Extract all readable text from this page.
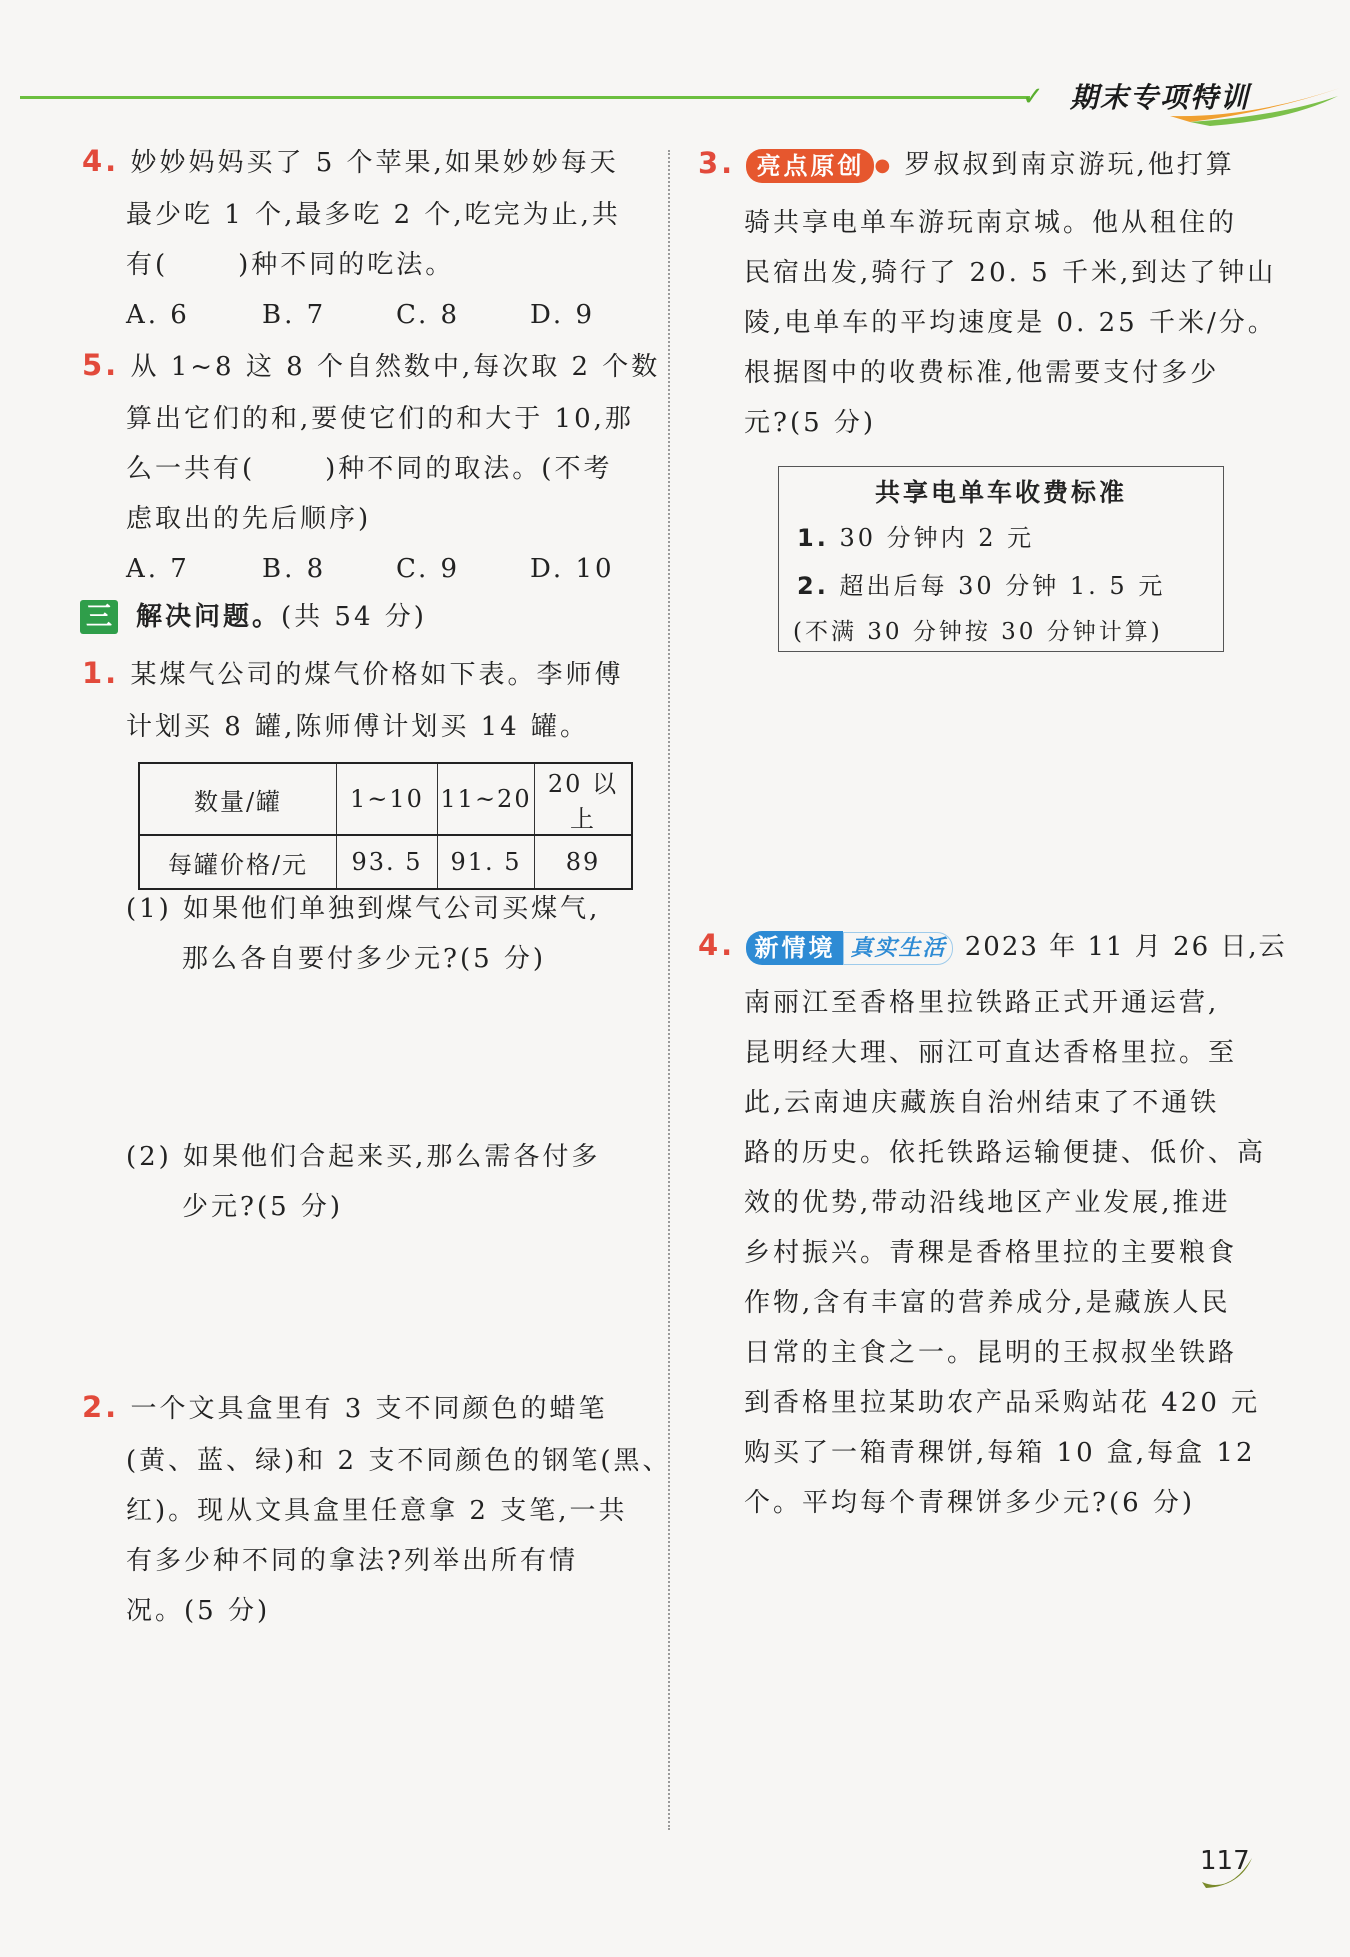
✓ 期末专项特训
4. 妙妙妈妈买了 5 个苹果,如果妙妙每天
最少吃 1 个,最多吃 2 个,吃完为止,共
有(	)种不同的吃法。
A. 6	B. 7	C. 8	D. 9
5. 从 1~8 这 8 个自然数中,每次取 2 个数
算出它们的和,要使它们的和大于 10,那
么一共有(	)种不同的取法。(不考
虑取出的先后顺序)
A. 7	B. 8	C. 9	D. 10
三 解决问题。(共 54 分)
1. 某煤气公司的煤气价格如下表。李师傅
计划买 8 罐,陈师傅计划买 14 罐。
数量/罐	1~10	11~20	20 以上
每罐价格/元	93. 5	91. 5	89
(1) 如果他们单独到煤气公司买煤气,
那么各自要付多少元?(5 分)
(2) 如果他们合起来买,那么需各付多
少元?(5 分)
2. 一个文具盒里有 3 支不同颜色的蜡笔
(黄、蓝、绿)和 2 支不同颜色的钢笔(黑、
红)。现从文具盒里任意拿 2 支笔,一共
有多少种不同的拿法?列举出所有情
况。(5 分)
3. 亮点原创 ● 罗叔叔到南京游玩,他打算
骑共享电单车游玩南京城。他从租住的
民宿出发,骑行了 20. 5 千米,到达了钟山
陵,电单车的平均速度是 0. 25 千米/分。
根据图中的收费标准,他需要支付多少
元?(5 分)
共享电单车收费标准
1. 30 分钟内 2 元
2. 超出后每 30 分钟 1. 5 元
(不满 30 分钟按 30 分钟计算)
4. 新情境 真实生活 2023 年 11 月 26 日,云
南丽江至香格里拉铁路正式开通运营,
昆明经大理、丽江可直达香格里拉。至
此,云南迪庆藏族自治州结束了不通铁
路的历史。依托铁路运输便捷、低价、高
效的优势,带动沿线地区产业发展,推进
乡村振兴。青稞是香格里拉的主要粮食
作物,含有丰富的营养成分,是藏族人民
日常的主食之一。昆明的王叔叔坐铁路
到香格里拉某助农产品采购站花 420 元
购买了一箱青稞饼,每箱 10 盒,每盒 12
个。平均每个青稞饼多少元?(6 分)
117
